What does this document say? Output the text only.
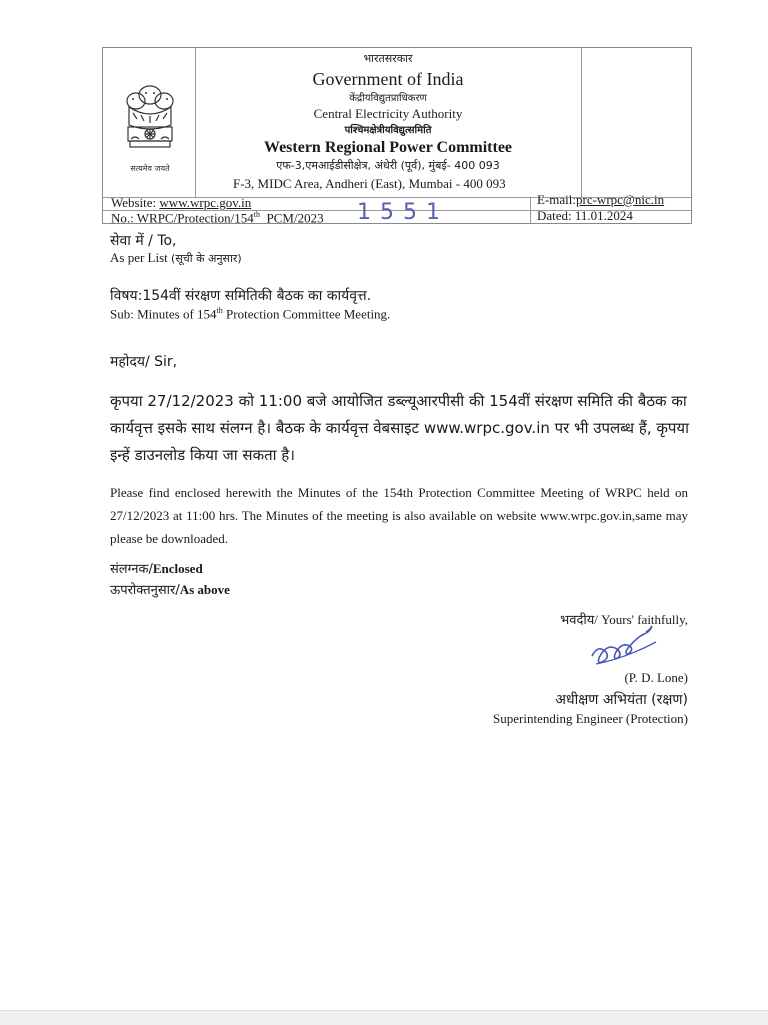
सत्यमेव जयते
भारतसरकार
Government of India
केंद्रीयविद्युतप्राधिकरण
Central Electricity Authority
पश्चिमक्षेत्रीयविद्युत्समिति
Western Regional Power Committee
एफ-3,एमआईडीसीक्षेत्र, अंधेरी (पूर्व), मुंबई- 400 093
F-3, MIDC Area, Andheri (East), Mumbai - 400 093
Website: www.wrpc.gov.in
No.: WRPC/Protection/154th  PCM/2023 1551
E-mail:prc-wrpc@nic.in
Dated: 11.01.2024
सेवा में / To,
As per List (सूची के अनुसार)
विषय:154वीं संरक्षण समितिकी बैठक का कार्यवृत्त.
Sub: Minutes of 154th Protection Committee Meeting.
महोदय/ Sir,
कृपया 27/12/2023 को 11:00 बजे आयोजित डब्ल्यूआरपीसी की 154वीं संरक्षण समिति की बैठक का कार्यवृत्त इसके साथ संलग्न है। बैठक के कार्यवृत्त वेबसाइट www.wrpc.gov.in पर भी उपलब्ध हैं, कृपया इन्हें डाउनलोड किया जा सकता है।
Please find enclosed herewith the Minutes of the 154th Protection Committee Meeting of WRPC held on 27/12/2023 at 11:00 hrs. The Minutes of the meeting is also available on website www.wrpc.gov.in,same may please be downloaded.
संलग्नक/Enclosed
ऊपरोक्तनुसार/As above
भवदीय/ Yours' faithfully,
(P. D. Lone)
अधीक्षण अभियंता (रक्षण)
Superintending Engineer (Protection)
